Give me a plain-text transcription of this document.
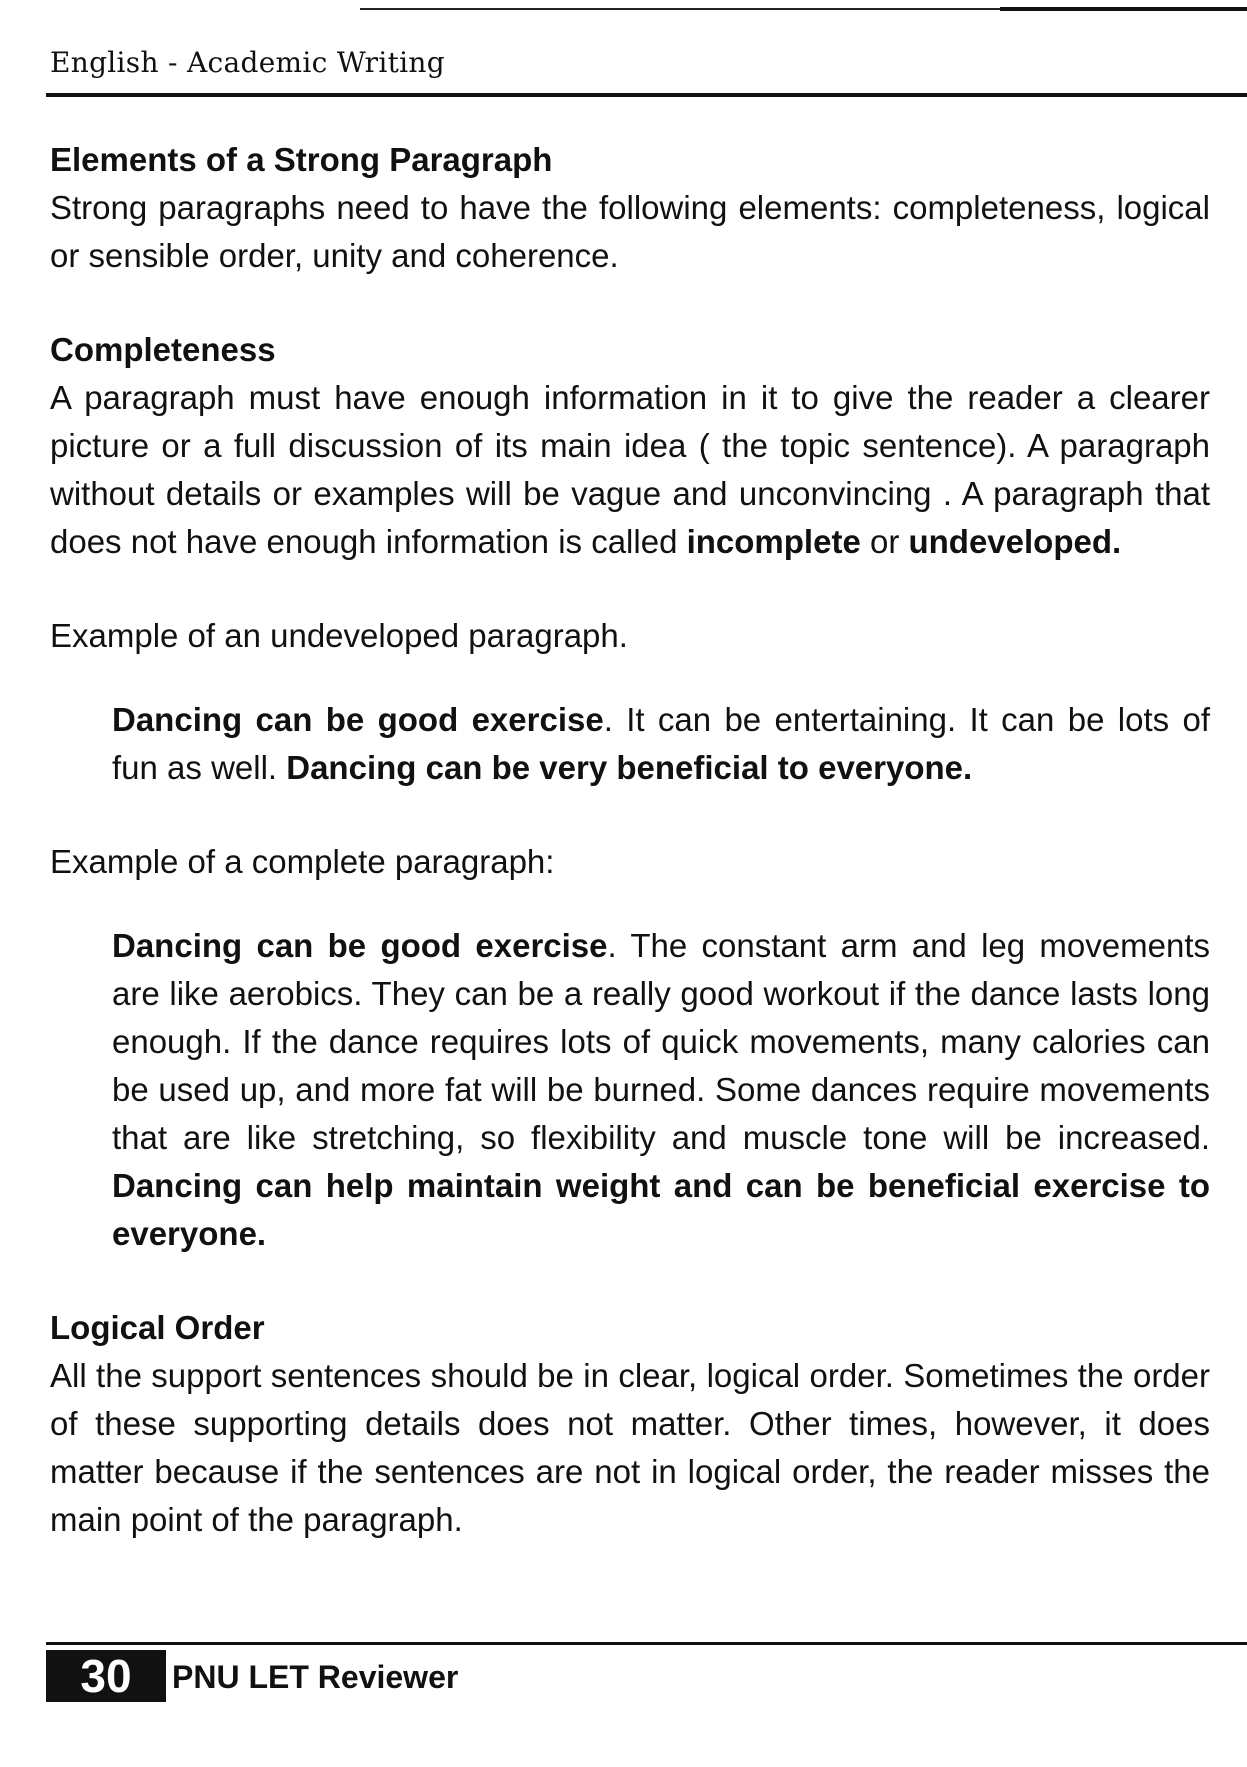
English - Academic Writing
Elements of a Strong Paragraph

Strong paragraphs need to have the following elements: completeness, logical or sensible order, unity and coherence.

Completeness

A paragraph must have enough information in it to give the reader a clearer picture or a full discussion of its main idea ( the topic sentence). A paragraph without details or examples will be vague and unconvincing . A paragraph that does not have enough information is called incomplete or undeveloped.

Example of an undeveloped paragraph.

Dancing can be good exercise. It can be entertaining. It can be lots of fun as well. Dancing can be very beneficial to everyone.

Example of a complete paragraph:

Dancing can be good exercise. The constant arm and leg movements are like aerobics. They can be a really good workout if the dance lasts long enough. If the dance requires lots of quick movements, many calories can be used up, and more fat will be burned. Some dances require movements that are like stretching, so flexibility and muscle tone will be increased. Dancing can help maintain weight and can be beneficial exercise to everyone.

Logical Order

All the support sentences should be in clear, logical order. Sometimes the order of these supporting details does not matter. Other times, however, it does matter because if the sentences are not in logical order, the reader misses the main point of the paragraph.

30	PNU LET Reviewer
